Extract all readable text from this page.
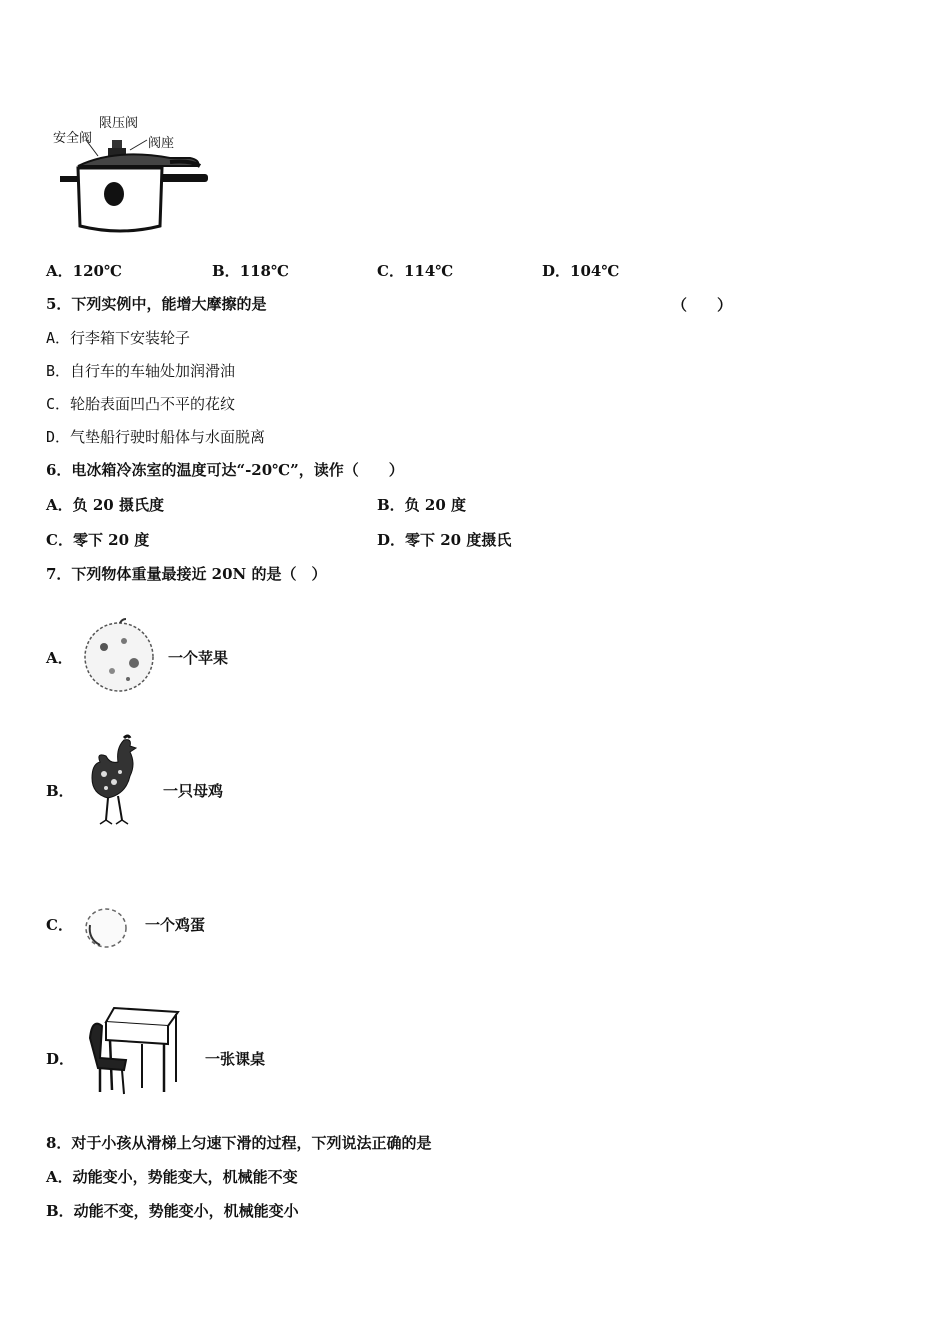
安全阀
限压阀
阀座
A．120℃	B．118℃	C．114℃	D．104℃
5．下列实例中，能增大摩擦的是	（　　）
A．行李箱下安装轮子
B．自行车的车轴处加润滑油
C．轮胎表面凹凸不平的花纹
D．气垫船行驶时船体与水面脱离
6．电冰箱冷冻室的温度可达“-20℃”，读作（　　）
A．负 20 摄氏度	B．负 20 度
C．零下 20 度	D．零下 20 度摄氏
7．下列物体重量最接近 20N 的是（　）
A．	一个苹果
B．	一只母鸡
C．	一个鸡蛋
D．	一张课桌
8．对于小孩从滑梯上匀速下滑的过程，下列说法正确的是
A．动能变小，势能变大，机械能不变
B．动能不变，势能变小，机械能变小
